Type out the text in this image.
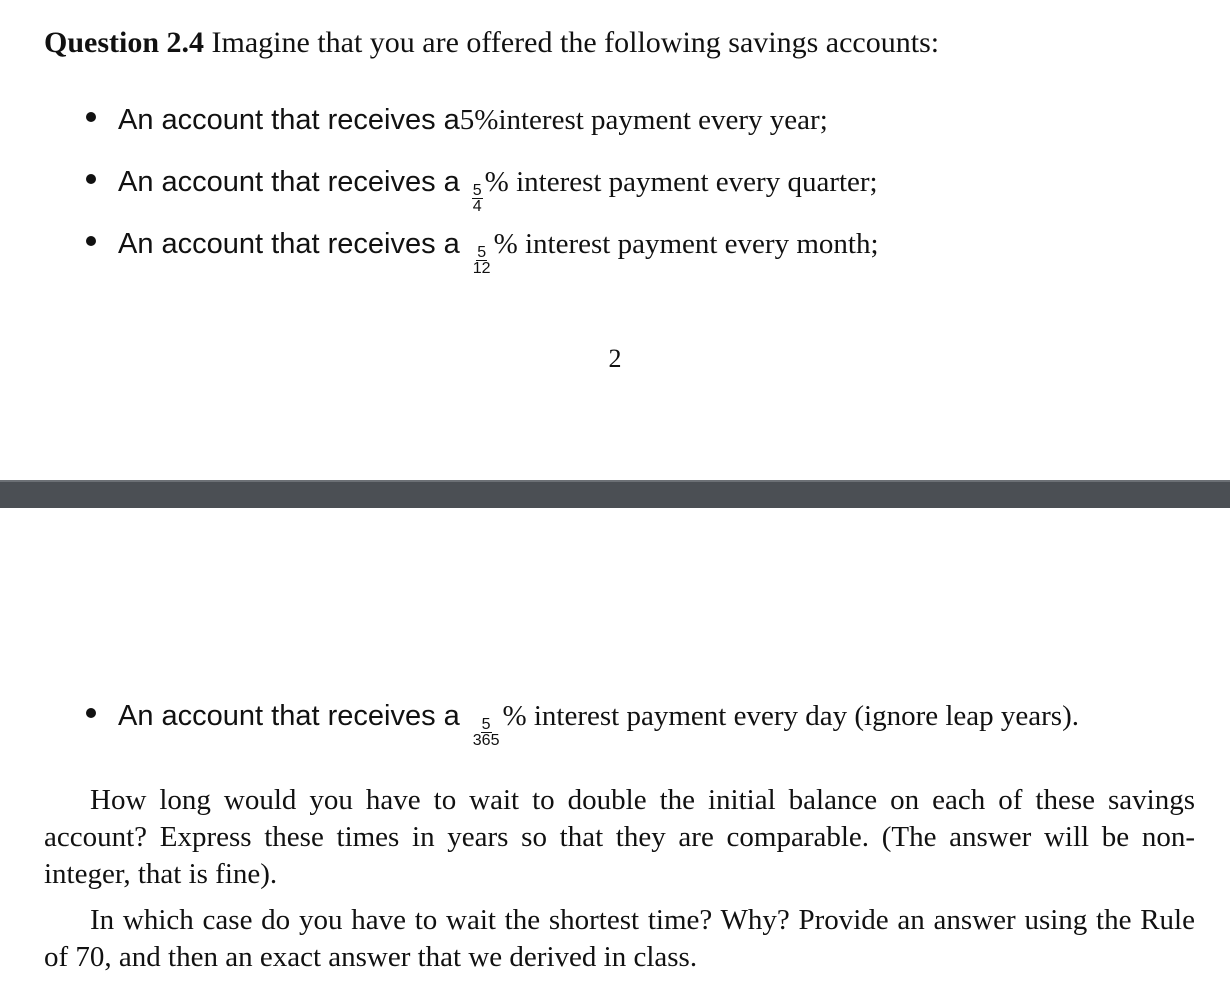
Question 2.4 Imagine that you are offered the following savings accounts:
An account that receives a 5% interest payment every year;
An account that receives a
$\frac{5}{4}$
% interest payment every quarter;
An account that receives a
$\frac{5}{12}$
% interest payment every month;
2
An account that receives a
$\frac{5}{365}$
% interest payment every day (ignore leap years).

How long would you have to wait to double the initial balance on each of these savings account? Express these times in years so that they are comparable. (The answer will be non-integer, that is fine).

In which case do you have to wait the shortest time? Why? Provide an answer using the Rule of 70, and then an exact answer that we derived in class.
